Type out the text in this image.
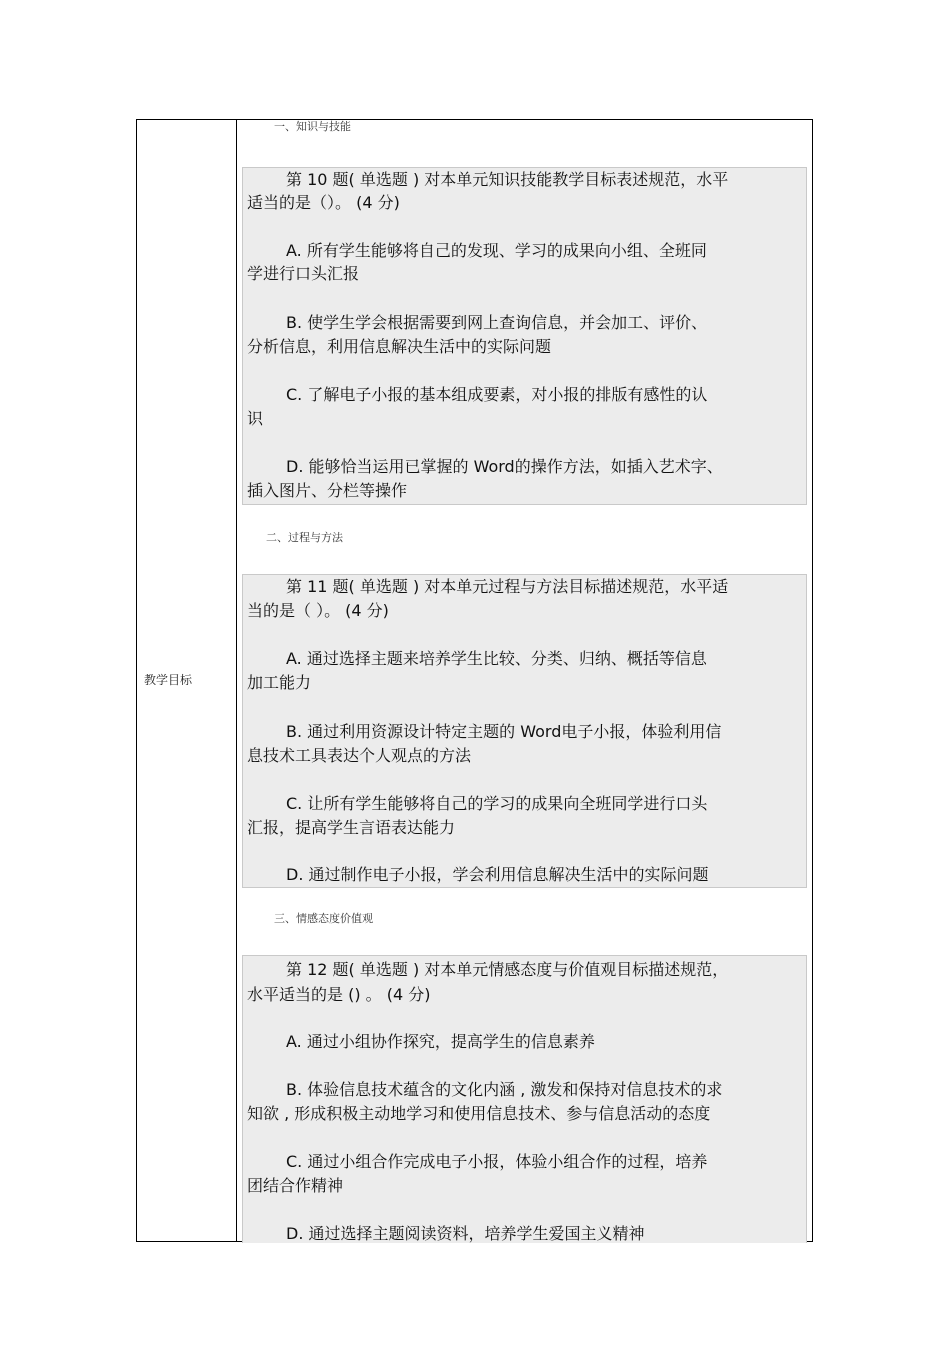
教学目标
一、知识与技能
第 10 题( 单选题 ) 对本单元知识技能教学目标表述规范，水平
适当的是（）。 (4 分)
A. 所有学生能够将自己的发现、学习的成果向小组、全班同
学进行口头汇报
B. 使学生学会根据需要到网上查询信息，并会加工、评价、
分析信息，利用信息解决生活中的实际问题
C. 了解电子小报的基本组成要素，对小报的排版有感性的认
识
D. 能够恰当运用已掌握的 Word的操作方法，如插入艺术字、
插入图片、分栏等操作
二、过程与方法
第 11 题( 单选题 ) 对本单元过程与方法目标描述规范，水平适
当的是（ ）。 (4 分)
A. 通过选择主题来培养学生比较、分类、归纳、概括等信息
加工能力
B. 通过利用资源设计特定主题的 Word电子小报，体验利用信
息技术工具表达个人观点的方法
C. 让所有学生能够将自己的学习的成果向全班同学进行口头
汇报，提高学生言语表达能力
D. 通过制作电子小报，学会利用信息解决生活中的实际问题
三、情感态度价值观
第 12 题( 单选题 ) 对本单元情感态度与价值观目标描述规范，
水平适当的是 () 。 (4 分)
A. 通过小组协作探究，提高学生的信息素养
B. 体验信息技术蕴含的文化内涵 , 激发和保持对信息技术的求
知欲 , 形成积极主动地学习和使用信息技术、参与信息活动的态度
C. 通过小组合作完成电子小报，体验小组合作的过程，培养
团结合作精神
D. 通过选择主题阅读资料，培养学生爱国主义精神
